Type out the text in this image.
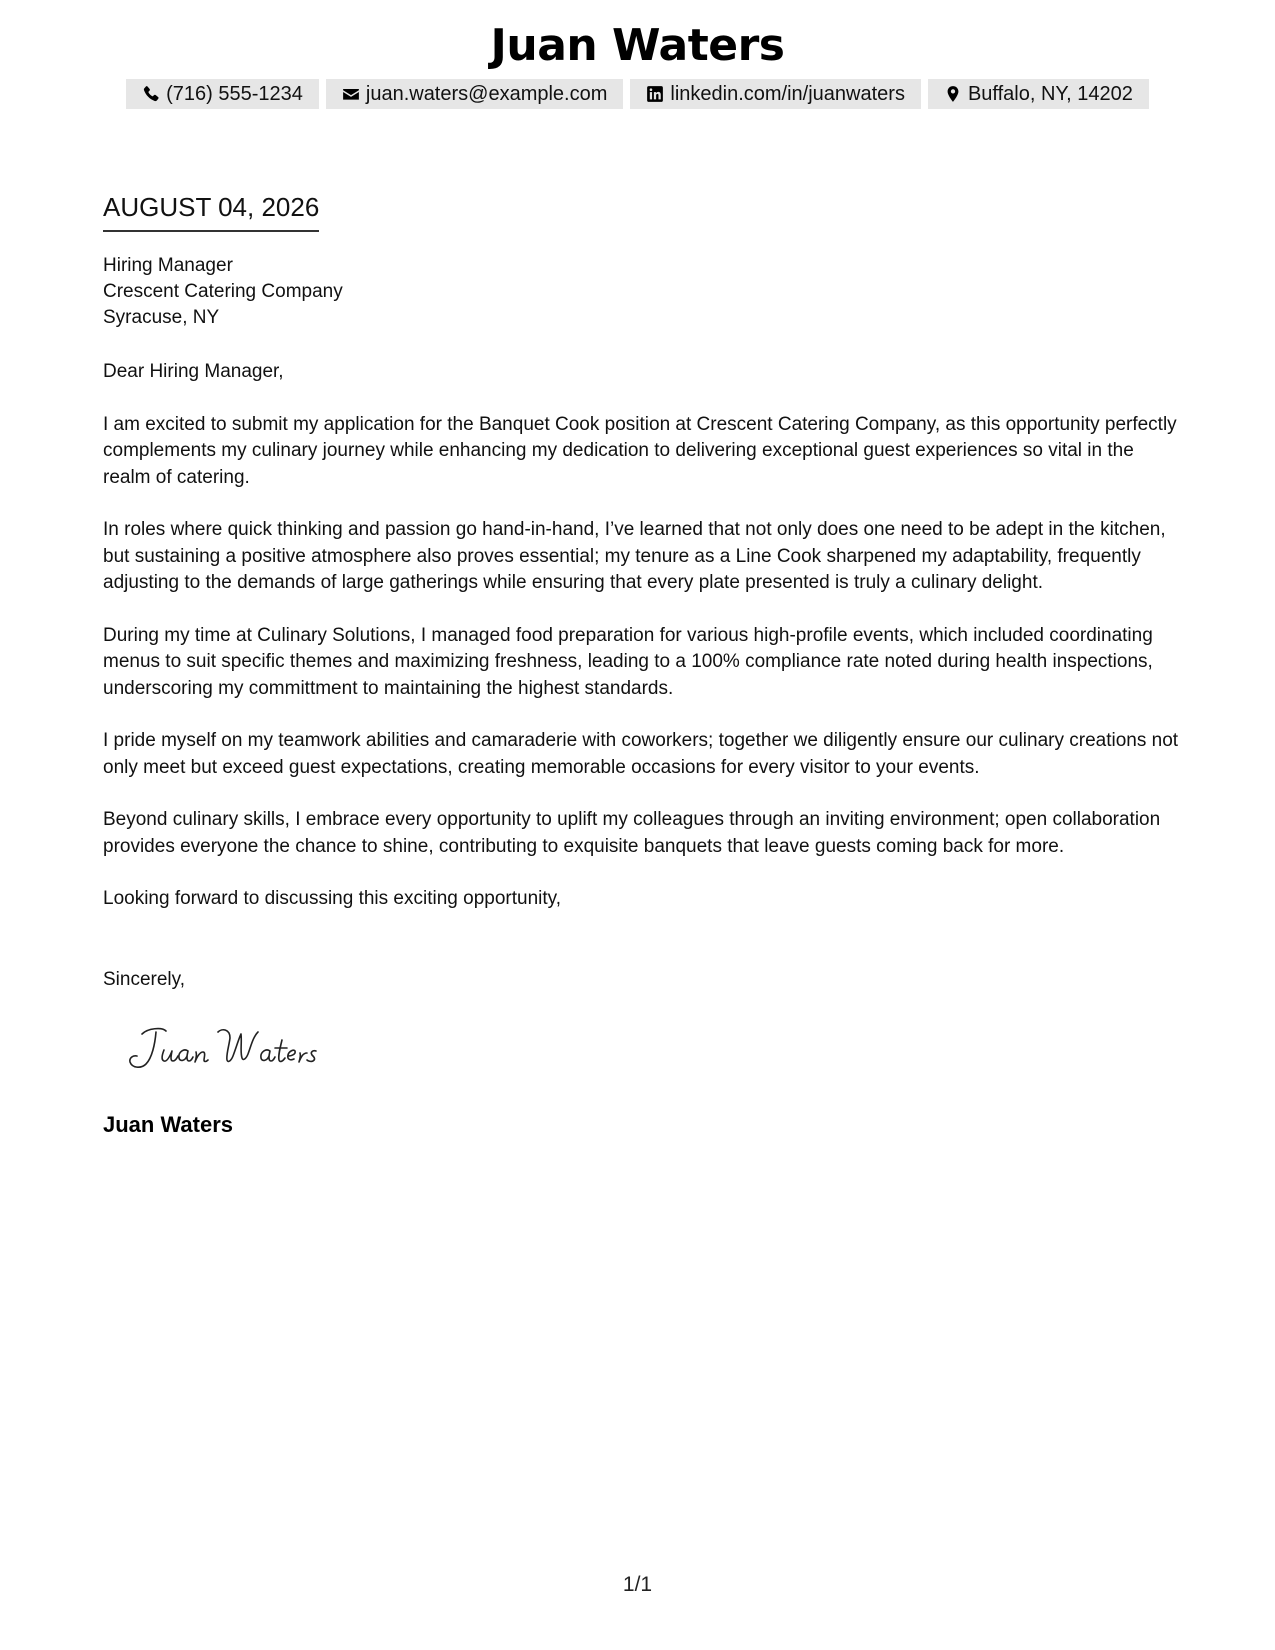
Juan Waters
(716) 555-1234	juan.waters@example.com	linkedin.com/in/juanwaters	Buffalo, NY, 14202
AUGUST 04, 2026
Hiring Manager
Crescent Catering Company
Syracuse, NY

Dear Hiring Manager,

I am excited to submit my application for the Banquet Cook position at Crescent Catering Company, as this opportunity perfectly complements my culinary journey while enhancing my dedication to delivering exceptional guest experiences so vital in the realm of catering.

In roles where quick thinking and passion go hand-in-hand, I’ve learned that not only does one need to be adept in the kitchen, but sustaining a positive atmosphere also proves essential; my tenure as a Line Cook sharpened my adaptability, frequently adjusting to the demands of large gatherings while ensuring that every plate presented is truly a culinary delight.

During my time at Culinary Solutions, I managed food preparation for various high-profile events, which included coordinating menus to suit specific themes and maximizing freshness, leading to a 100% compliance rate noted during health inspections, underscoring my committment to maintaining the highest standards.

I pride myself on my teamwork abilities and camaraderie with coworkers; together we diligently ensure our culinary creations not only meet but exceed guest expectations, creating memorable occasions for every visitor to your events.

Beyond culinary skills, I embrace every opportunity to uplift my colleagues through an inviting environment; open collaboration provides everyone the chance to shine, contributing to exquisite banquets that leave guests coming back for more.

Looking forward to discussing this exciting opportunity,

Sincerely,
Juan Waters
1/1
